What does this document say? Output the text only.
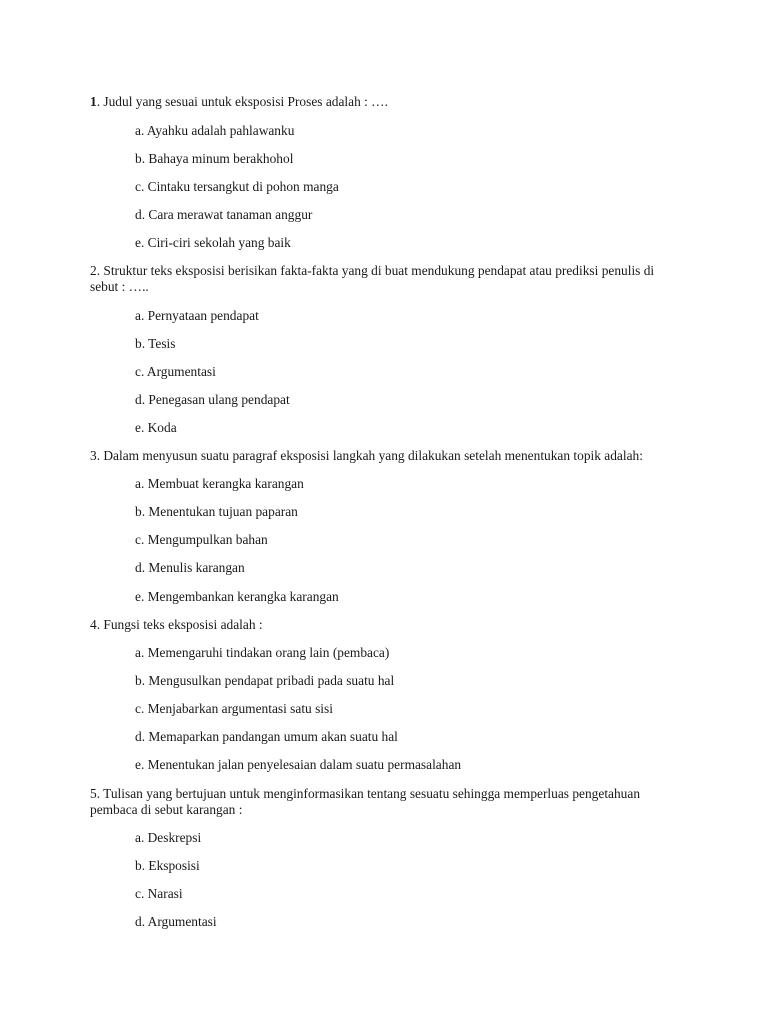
1. Judul yang sesuai untuk eksposisi Proses adalah : ….
a. Ayahku adalah pahlawanku
b. Bahaya minum berakhohol
c. Cintaku tersangkut di pohon manga
d. Cara merawat tanaman anggur
e. Ciri-ciri sekolah yang baik
2. Struktur teks eksposisi berisikan fakta-fakta yang di buat mendukung pendapat atau prediksi penulis di sebut : …..
a. Pernyataan pendapat
b. Tesis
c. Argumentasi
d. Penegasan ulang pendapat
e. Koda
3. Dalam menyusun suatu paragraf eksposisi langkah yang dilakukan setelah menentukan topik adalah:
a. Membuat kerangka karangan
b. Menentukan tujuan paparan
c. Mengumpulkan bahan
d. Menulis karangan
e. Mengembankan kerangka karangan
4. Fungsi teks eksposisi adalah :
a. Memengaruhi tindakan orang lain (pembaca)
b. Mengusulkan pendapat pribadi pada suatu hal
c. Menjabarkan argumentasi satu sisi
d. Memaparkan pandangan umum akan suatu hal
e. Menentukan jalan penyelesaian dalam suatu permasalahan
5. Tulisan yang bertujuan untuk menginformasikan tentang sesuatu sehingga memperluas pengetahuan pembaca di sebut karangan :
a. Deskrepsi
b. Eksposisi
c. Narasi
d. Argumentasi
